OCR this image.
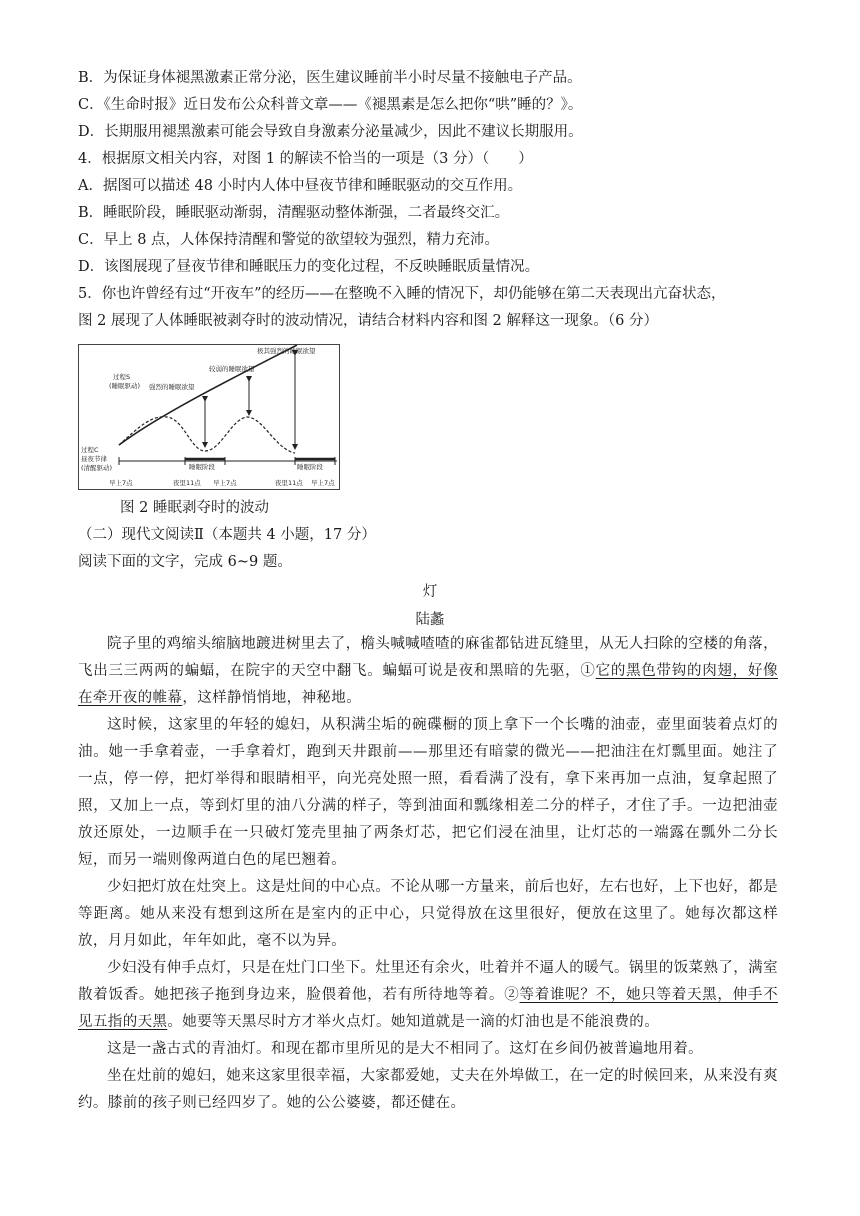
B．为保证身体褪黑激素正常分泌，医生建议睡前半小时尽量不接触电子产品。
C．《生命时报》近日发布公众科普文章——《褪黑素是怎么把你“哄”睡的？》。
D．长期服用褪黑激素可能会导致自身激素分泌量减少，因此不建议长期服用。
4．根据原文相关内容，对图 1 的解读不恰当的一项是（3 分）（　　）
A．据图可以描述 48 小时内人体中昼夜节律和睡眠驱动的交互作用。
B．睡眠阶段，睡眠驱动渐弱，清醒驱动整体渐强，二者最终交汇。
C．早上 8 点，人体保持清醒和警觉的欲望较为强烈，精力充沛。
D．该图展现了昼夜节律和睡眠压力的变化过程，不反映睡眠质量情况。
5．你也许曾经有过“开夜车”的经历——在整晚不入睡的情况下，却仍能够在第二天表现出亢奋状态，
图 2 展现了人体睡眠被剥夺时的波动情况，请结合材料内容和图 2 解释这一现象。（6 分）
极其强烈的睡眠欲望
较弱的睡眠欲望
强烈的睡眠欲望
过程S
(睡眠驱动)
过程C
昼夜节律
(清醒驱动)	睡眠阶段	睡眠阶段
早上7点	夜里11点 早上7点	夜里11点 早上7点
图 2 睡眠剥夺时的波动
（二）现代文阅读Ⅱ（本题共 4 小题，17 分）
阅读下面的文字，完成 6~9 题。
灯
陆蠡

院子里的鸡缩头缩脑地踱进树里去了，檐头喊喊喳喳的麻雀都钻进瓦缝里，从无人扫除的空楼的角落，飞出三三两两的蝙蝠，在院宇的天空中翻飞。蝙蝠可说是夜和黑暗的先驱，①它的黑色带钩的肉翅，好像在牵开夜的帷幕，这样静悄悄地，神秘地。

这时候，这家里的年轻的媳妇，从积满尘垢的碗碟橱的顶上拿下一个长嘴的油壶，壶里面装着点灯的油。她一手拿着壶，一手拿着灯，跑到天井跟前——那里还有暗蒙的微光——把油注在灯瓢里面。她注了一点，停一停，把灯举得和眼睛相平，向光亮处照一照，看看满了没有，拿下来再加一点油，复拿起照了照，又加上一点，等到灯里的油八分满的样子，等到油面和瓢缘相差二分的样子，才住了手。一边把油壶放还原处，一边顺手在一只破灯笼壳里抽了两条灯芯，把它们浸在油里，让灯芯的一端露在瓢外二分长短，而另一端则像两道白色的尾巴翘着。

少妇把灯放在灶突上。这是灶间的中心点。不论从哪一方量来，前后也好，左右也好，上下也好，都是等距离。她从来没有想到这所在是室内的正中心，只觉得放在这里很好，便放在这里了。她每次都这样放，月月如此，年年如此，毫不以为异。

少妇没有伸手点灯，只是在灶门口坐下。灶里还有余火，吐着并不逼人的暖气。锅里的饭菜熟了，满室散着饭香。她把孩子拖到身边来，脸偎着他，若有所待地等着。②等着谁呢？不，她只等着天黑，伸手不见五指的天黑。她要等天黑尽时方才举火点灯。她知道就是一滴的灯油也是不能浪费的。

这是一盏古式的青油灯。和现在都市里所见的是大不相同了。这灯在乡间仍被普遍地用着。

坐在灶前的媳妇，她来这家里很幸福，大家都爱她，丈夫在外埠做工，在一定的时候回来，从来没有爽约。膝前的孩子则已经四岁了。她的公公婆婆，都还健在。
